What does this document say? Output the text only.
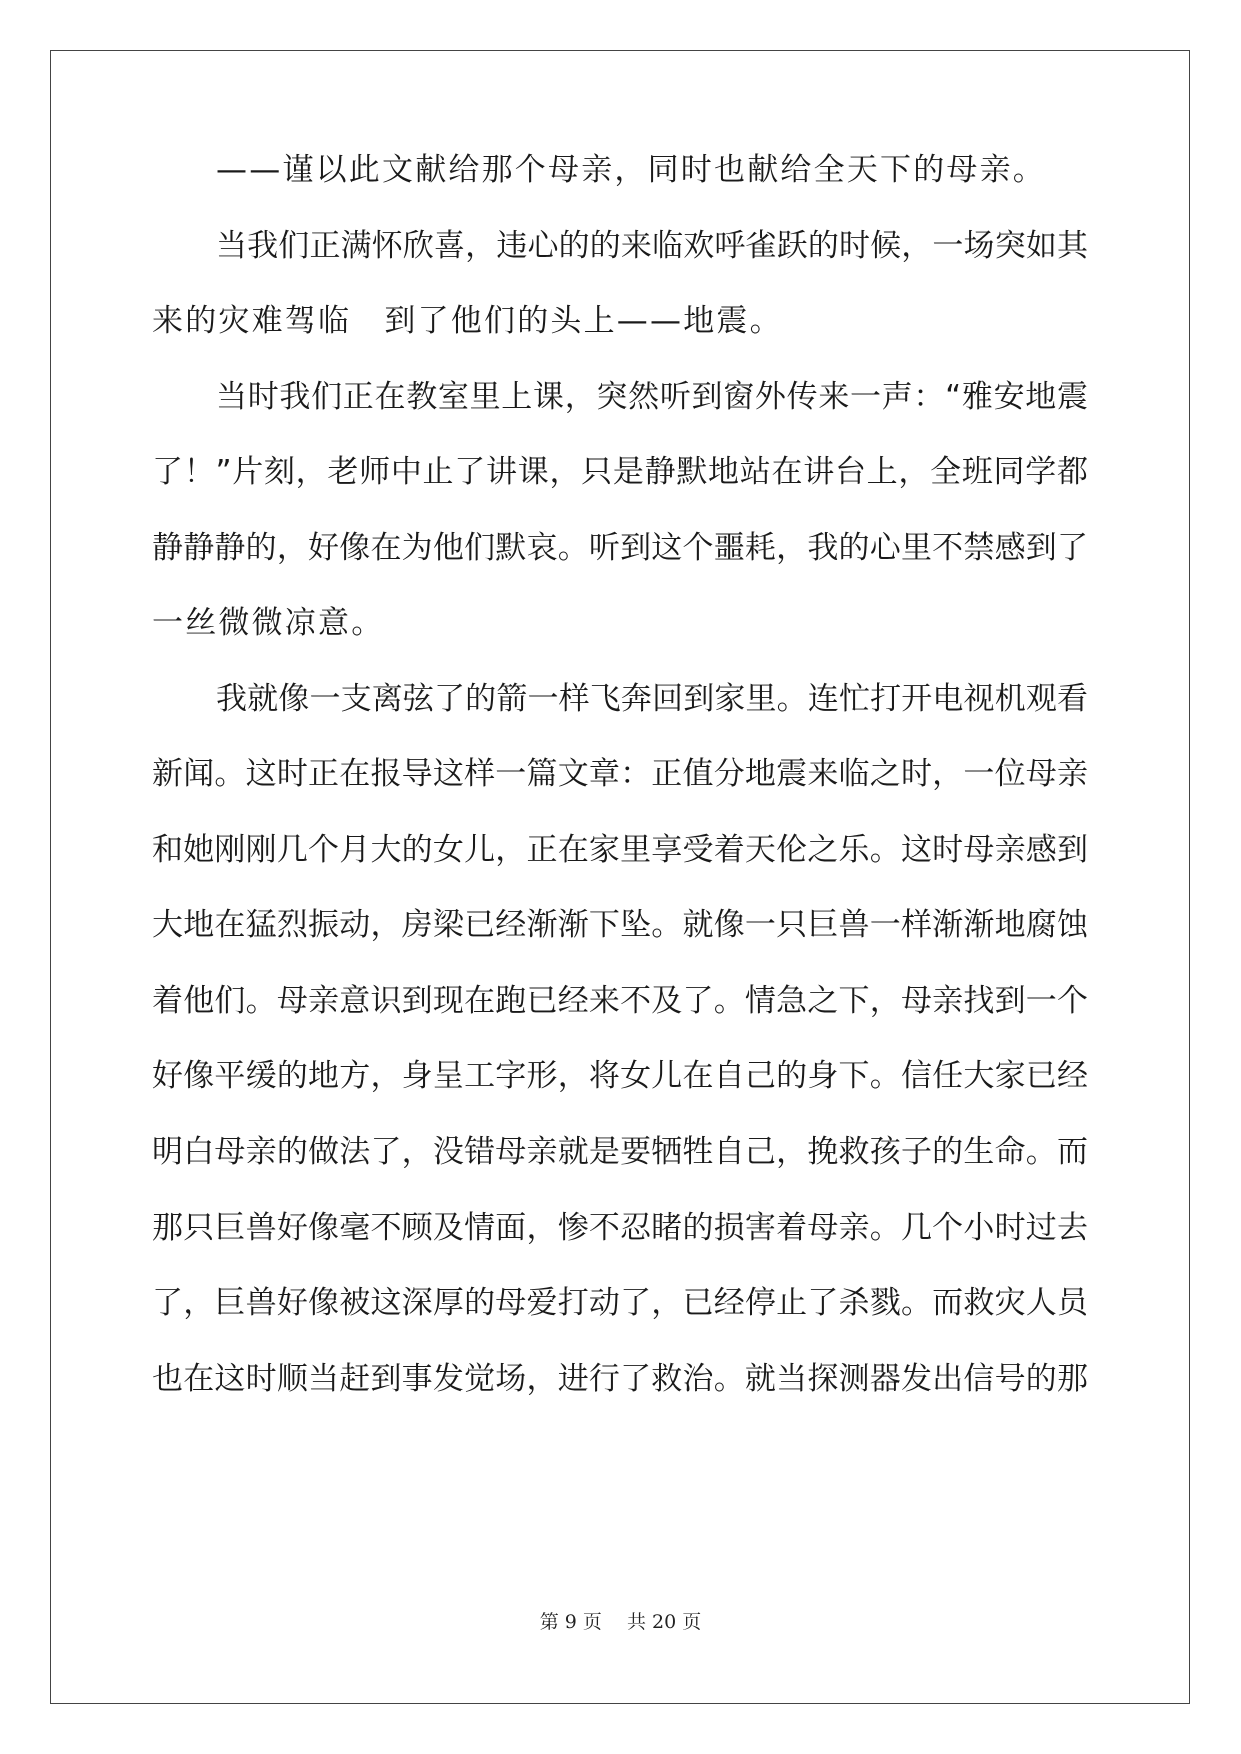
——谨以此文献给那个母亲，同时也献给全天下的母亲。
当我们正满怀欣喜，违心的的来临欢呼雀跃的时候，一场突如其
来的灾难驾临　到了他们的头上——地震。
当时我们正在教室里上课，突然听到窗外传来一声：“雅安地震
了！”片刻，老师中止了讲课，只是静默地站在讲台上，全班同学都
静静静的，好像在为他们默哀。听到这个噩耗，我的心里不禁感到了
一丝微微凉意。
我就像一支离弦了的箭一样飞奔回到家里。连忙打开电视机观看
新闻。这时正在报导这样一篇文章：正值分地震来临之时，一位母亲
和她刚刚几个月大的女儿，正在家里享受着天伦之乐。这时母亲感到
大地在猛烈振动，房梁已经渐渐下坠。就像一只巨兽一样渐渐地腐蚀
着他们。母亲意识到现在跑已经来不及了。情急之下，母亲找到一个
好像平缓的地方，身呈工字形，将女儿在自己的身下。信任大家已经
明白母亲的做法了，没错母亲就是要牺牲自己，挽救孩子的生命。而
那只巨兽好像毫不顾及情面，惨不忍睹的损害着母亲。几个小时过去
了，巨兽好像被这深厚的母爱打动了，已经停止了杀戮。而救灾人员
也在这时顺当赶到事发觉场，进行了救治。就当探测器发出信号的那
第 9 页　 共 20 页
